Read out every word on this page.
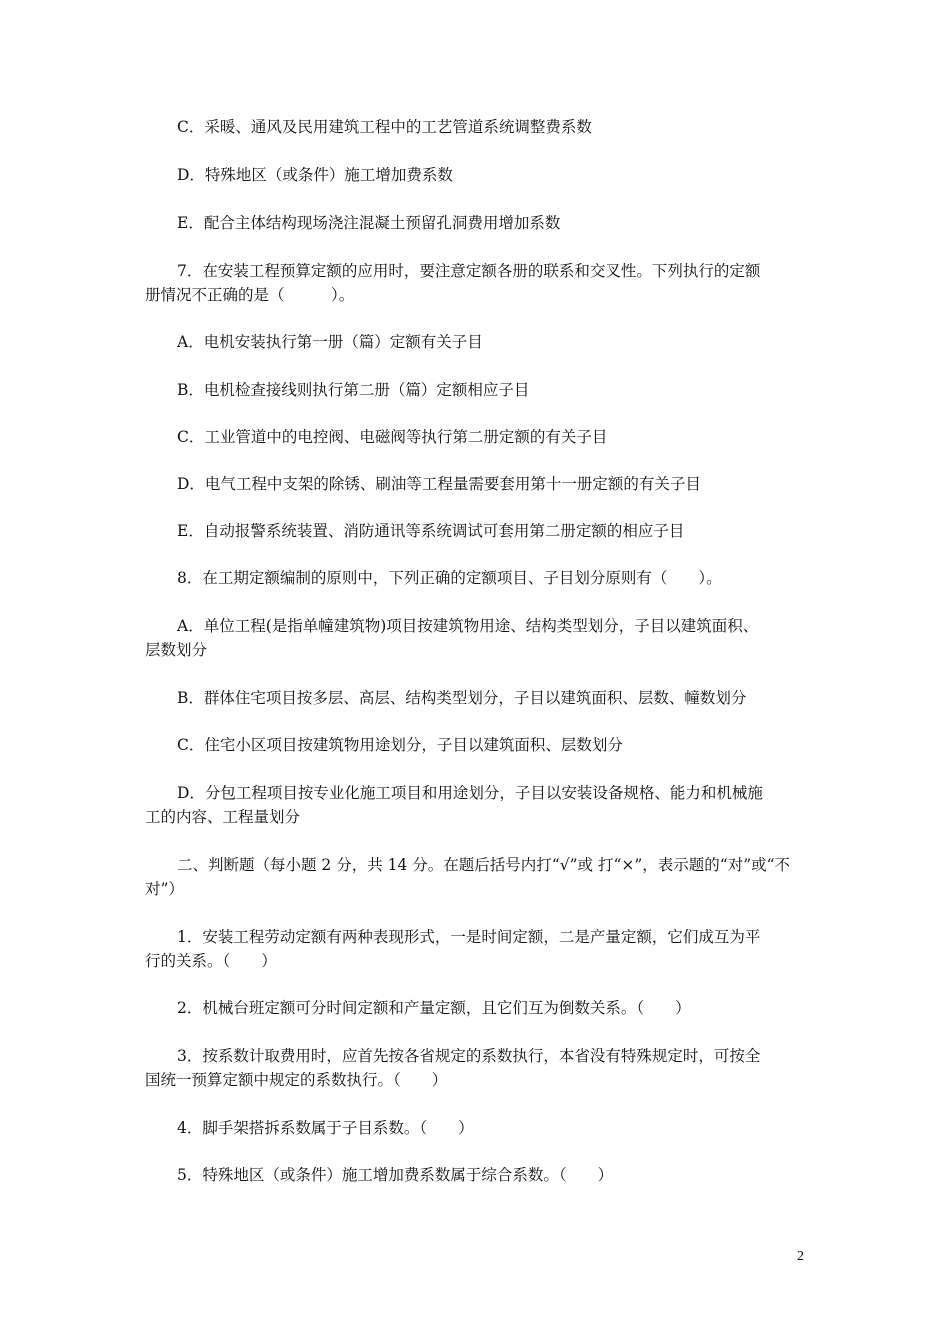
C．采暖、通风及民用建筑工程中的工艺管道系统调整费系数
D．特殊地区（或条件）施工增加费系数
E．配合主体结构现场浇注混凝土预留孔洞费用增加系数
7．在安装工程预算定额的应用时，要注意定额各册的联系和交叉性。下列执行的定额
册情况不正确的是（　　　）。
A．电机安装执行第一册（篇）定额有关子目
B．电机检查接线则执行第二册（篇）定额相应子目
C．工业管道中的电控阀、电磁阀等执行第二册定额的有关子目
D．电气工程中支架的除锈、刷油等工程量需要套用第十一册定额的有关子目
E．自动报警系统装置、消防通讯等系统调试可套用第二册定额的相应子目
8．在工期定额编制的原则中，下列正确的定额项目、子目划分原则有（　　）。
A．单位工程(是指单幢建筑物)项目按建筑物用途、结构类型划分，子目以建筑面积、
层数划分
B．群体住宅项目按多层、高层、结构类型划分，子目以建筑面积、层数、幢数划分
C．住宅小区项目按建筑物用途划分，子目以建筑面积、层数划分
D．分包工程项目按专业化施工项目和用途划分，子目以安装设备规格、能力和机械施
工的内容、工程量划分
二、判断题（每小题 2 分，共 14 分。在题后括号内打“√”或 打“×”，表示题的“对”或“不
对”）
1．安装工程劳动定额有两种表现形式，一是时间定额，二是产量定额，它们成互为平
行的关系。（　　）
2．机械台班定额可分时间定额和产量定额，且它们互为倒数关系。（　　）
3．按系数计取费用时，应首先按各省规定的系数执行，本省没有特殊规定时，可按全
国统一预算定额中规定的系数执行。（　　）
4．脚手架搭拆系数属于子目系数。（　　）
5．特殊地区（或条件）施工增加费系数属于综合系数。（　　）
2
